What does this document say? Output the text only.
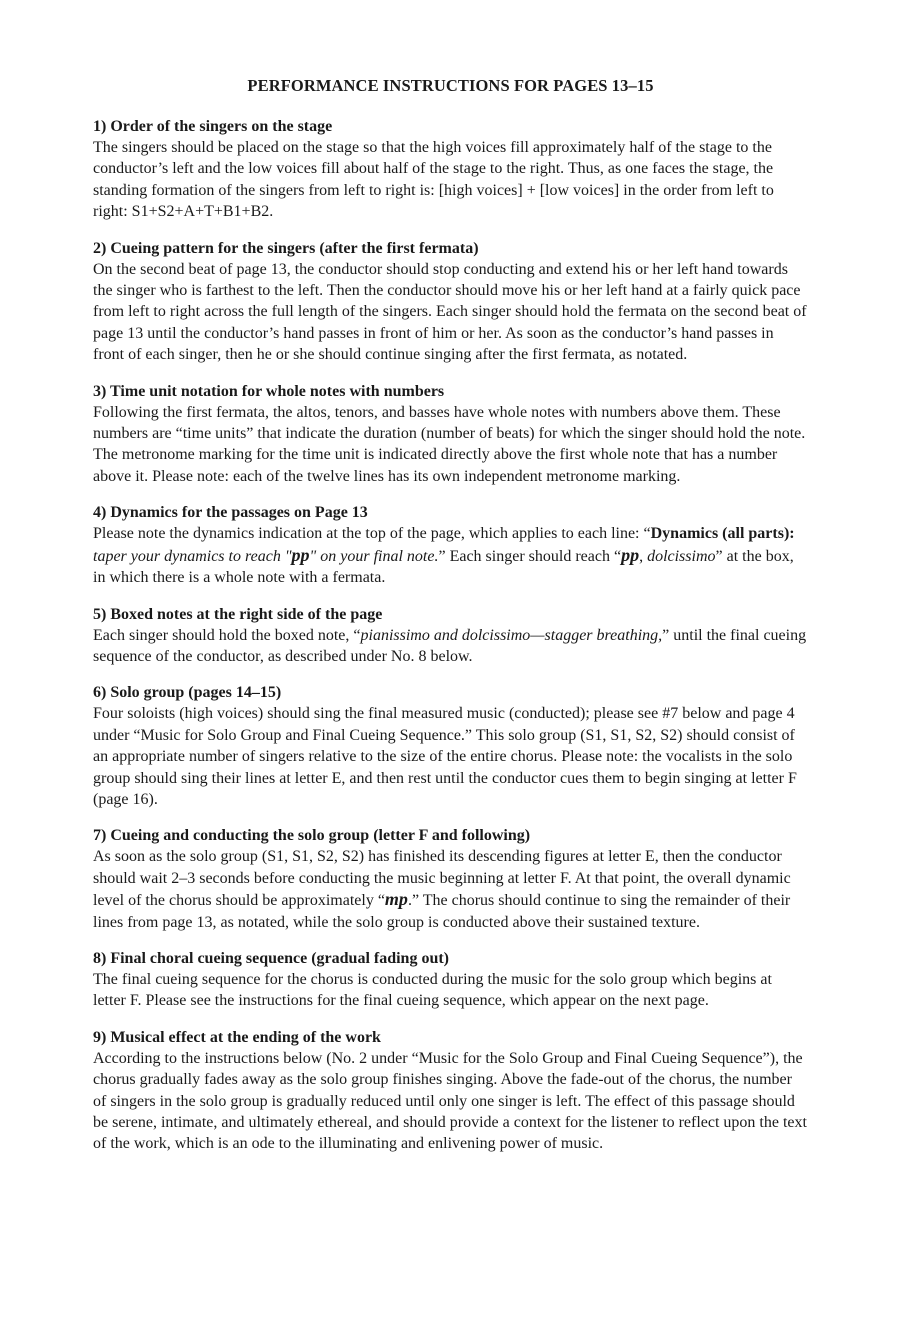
PERFORMANCE INSTRUCTIONS FOR PAGES 13–15

1) Order of the singers on the stage

The singers should be placed on the stage so that the high voices fill approximately half of the stage to the conductor’s left and the low voices fill about half of the stage to the right. Thus, as one faces the stage, the standing formation of the singers from left to right is: [high voices] + [low voices] in the order from left to right: S1+S2+A+T+B1+B2.

2) Cueing pattern for the singers (after the first fermata)

On the second beat of page 13, the conductor should stop conducting and extend his or her left hand towards the singer who is farthest to the left. Then the conductor should move his or her left hand at a fairly quick pace from left to right across the full length of the singers. Each singer should hold the fermata on the second beat of page 13 until the conductor’s hand passes in front of him or her. As soon as the conductor’s hand passes in front of each singer, then he or she should continue singing after the first fermata, as notated.

3) Time unit notation for whole notes with numbers

Following the first fermata, the altos, tenors, and basses have whole notes with numbers above them. These numbers are “time units” that indicate the duration (number of beats) for which the singer should hold the note. The metronome marking for the time unit is indicated directly above the first whole note that has a number above it. Please note: each of the twelve lines has its own independent metronome marking.

4) Dynamics for the passages on Page 13

Please note the dynamics indication at the top of the page, which applies to each line: “Dynamics (all parts): taper your dynamics to reach "pp" on your final note.” Each singer should reach “pp, dolcissimo” at the box, in which there is a whole note with a fermata.

5) Boxed notes at the right side of the page

Each singer should hold the boxed note, “pianissimo and dolcissimo—stagger breathing,” until the final cueing sequence of the conductor, as described under No. 8 below.

6) Solo group (pages 14–15)

Four soloists (high voices) should sing the final measured music (conducted); please see #7 below and page 4 under “Music for Solo Group and Final Cueing Sequence.” This solo group (S1, S1, S2, S2) should consist of an appropriate number of singers relative to the size of the entire chorus. Please note: the vocalists in the solo group should sing their lines at letter E, and then rest until the conductor cues them to begin singing at letter F (page 16).

7) Cueing and conducting the solo group (letter F and following)

As soon as the solo group (S1, S1, S2, S2) has finished its descending figures at letter E, then the conductor should wait 2–3 seconds before conducting the music beginning at letter F. At that point, the overall dynamic level of the chorus should be approximately “mp.” The chorus should continue to sing the remainder of their lines from page 13, as notated, while the solo group is conducted above their sustained texture.

8) Final choral cueing sequence (gradual fading out)

The final cueing sequence for the chorus is conducted during the music for the solo group which begins at letter F. Please see the instructions for the final cueing sequence, which appear on the next page.

9) Musical effect at the ending of the work

According to the instructions below (No. 2 under “Music for the Solo Group and Final Cueing Sequence”), the chorus gradually fades away as the solo group finishes singing. Above the fade-out of the chorus, the number of singers in the solo group is gradually reduced until only one singer is left. The effect of this passage should be serene, intimate, and ultimately ethereal, and should provide a context for the listener to reflect upon the text of the work, which is an ode to the illuminating and enlivening power of music.
